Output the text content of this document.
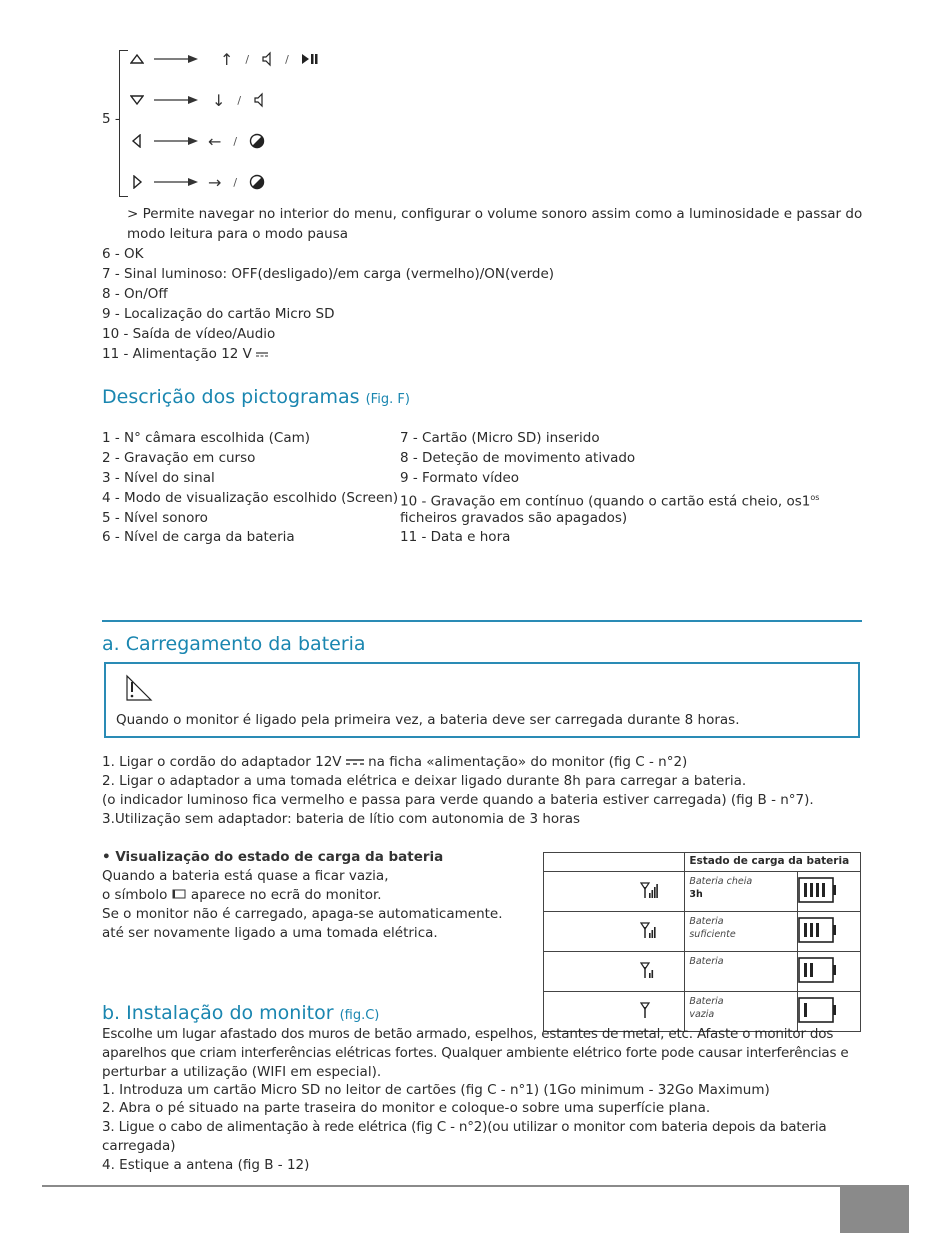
5 -
↑ /	/
↓ /
← /
→ /
> Permite navegar no interior do menu, configurar o volume sonoro assim como a luminosidade e passar do
modo leitura para o modo pausa
6 - OK
7 - Sinal luminoso: OFF(desligado)/em carga (vermelho)/ON(verde)
8 - On/Off
9 - Localização do cartão Micro SD
10 - Saída de vídeo/Audio
11 - Alimentação 12 V
Descrição dos pictogramas (Fig. F)
1 - N° câmara escolhida (Cam)
2 - Gravação em curso
3 - Nível do sinal
4 - Modo de visualização escolhido (Screen)
5 - Nível sonoro
6 - Nível de carga da bateria
7 - Cartão (Micro SD) inserido
8 - Deteção de movimento ativado
9 - Formato vídeo
10 - Gravação em contínuo (quando o cartão está cheio, $os1^{os}$
ficheiros gravados são apagados)
11 - Data e hora
a. Carregamento da bateria
Quando o monitor é ligado pela primeira vez, a bateria deve ser carregada durante 8 horas.
1. Ligar o cordão do adaptador 12V  na ficha «alimentação» do monitor (fig C - n°2)
2. Ligar o adaptador a uma tomada elétrica e deixar ligado durante 8h para carregar a bateria.
(o indicador luminoso fica vermelho e passa para verde quando a bateria estiver carregada) (fig B - n°7).
3.Utilização sem adaptador: bateria de lítio com autonomia de 3 horas
• Visualização do estado de carga da bateria
Quando a bateria está quase a ficar vazia,
o símbolo  aparece no ecrã do monitor.
Se o monitor não é carregado, apaga-se automaticamente.
até ser novamente ligado a uma tomada elétrica.
	Estado de carga da bateria	

	Bateria cheia
3h	

	Bateria
suficiente	

	Bateria	

	Bateria
vazia	
b. Instalação do monitor (fig.C)
Escolhe um lugar afastado dos muros de betão armado, espelhos, estantes de metal, etc. Afaste o monitor dos
aparelhos que criam interferências elétricas fortes. Qualquer ambiente elétrico forte pode causar interferências e
perturbar a utilização (WIFI em especial).
1. Introduza um cartão Micro SD no leitor de cartões (fig C - n°1) (1Go minimum - 32Go Maximum)
2. Abra o pé situado na parte traseira do monitor e coloque-o sobre uma superfície plana.
3. Ligue o cabo de alimentação à rede elétrica (fig C - n°2)(ou utilizar o monitor com bateria depois da bateria
carregada)
4. Estique a antena (fig B - 12)
